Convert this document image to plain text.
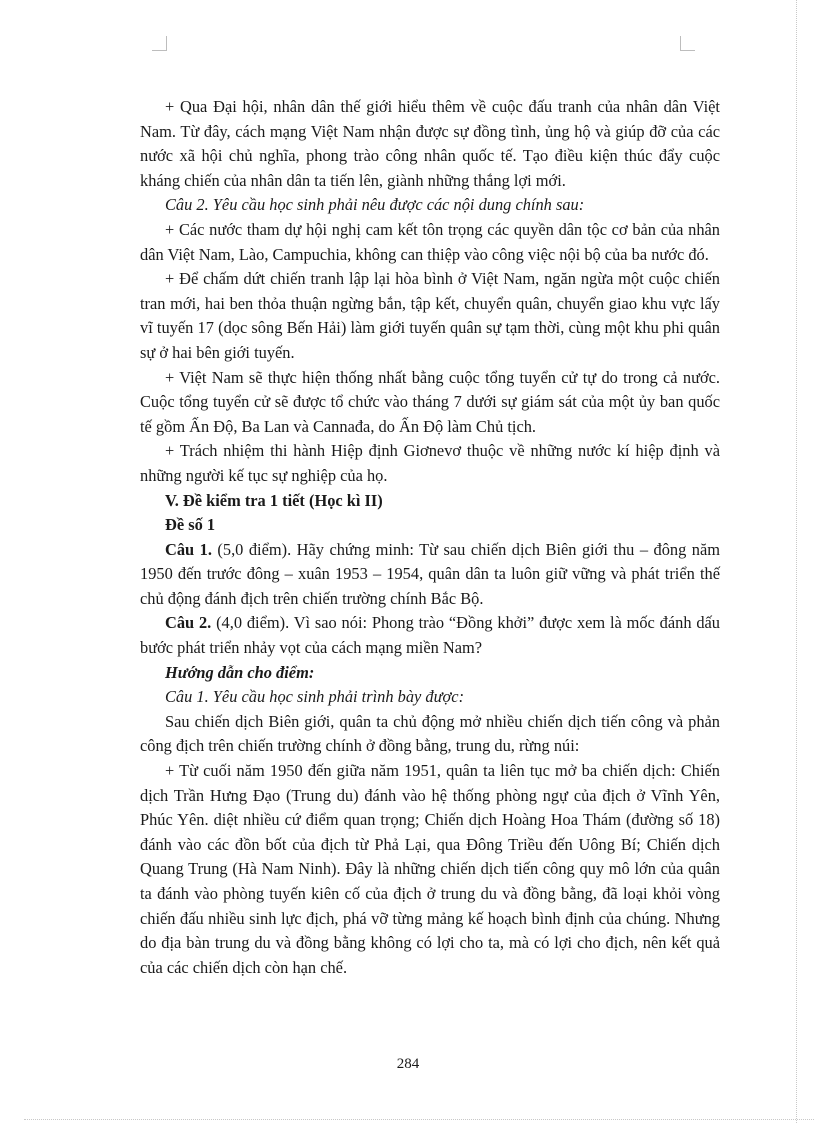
+ Qua Đại hội, nhân dân thế giới hiểu thêm về cuộc đấu tranh của nhân dân Việt Nam. Từ đây, cách mạng Việt Nam nhận được sự đồng tình, ủng hộ và giúp đỡ của các nước xã hội chủ nghĩa, phong trào công nhân quốc tế. Tạo điều kiện thúc đẩy cuộc kháng chiến của nhân dân ta tiến lên, giành những thắng lợi mới.

Câu 2. Yêu cầu học sinh phải nêu được các nội dung chính sau:

+ Các nước tham dự hội nghị cam kết tôn trọng các quyền dân tộc cơ bản của nhân dân Việt Nam, Lào, Campuchia, không can thiệp vào công việc nội bộ của ba nước đó.

+ Để chấm dứt chiến tranh lập lại hòa bình ở Việt Nam, ngăn ngừa một cuộc chiến tran mới, hai ben thỏa thuận ngừng bắn, tập kết, chuyển quân, chuyển giao khu vực lấy vĩ tuyến 17 (dọc sông Bến Hải) làm giới tuyến quân sự tạm thời, cùng một khu phi quân sự ở hai bên giới tuyến.

+ Việt Nam sẽ thực hiện thống nhất bằng cuộc tổng tuyển cử tự do trong cả nước. Cuộc tổng tuyển cử sẽ được tổ chức vào tháng 7 dưới sự giám sát của một ủy ban quốc tế gồm Ấn Độ, Ba Lan và Cannađa, do Ấn Độ làm Chủ tịch.

+ Trách nhiệm thi hành Hiệp định Giơnevơ thuộc về những nước kí hiệp định và những người kế tục sự nghiệp của họ.

V. Đề kiểm tra 1 tiết (Học kì II)

Đề số 1

Câu 1. (5,0 điểm). Hãy chứng minh: Từ sau chiến dịch Biên giới thu – đông năm 1950 đến trước đông – xuân 1953 – 1954, quân dân ta luôn giữ vững và phát triển thế chủ động đánh địch trên chiến trường chính Bắc Bộ.

Câu 2. (4,0 điểm). Vì sao nói: Phong trào “Đồng khởi” được xem là mốc đánh dấu bước phát triển nhảy vọt của cách mạng miền Nam?

Hướng dẫn cho điểm:

Câu 1. Yêu cầu học sinh phải trình bày được:

Sau chiến dịch Biên giới, quân ta chủ động mở nhiều chiến dịch tiến công và phản công địch trên chiến trường chính ở đồng bằng, trung du, rừng núi:

+ Từ cuối năm 1950 đến giữa năm 1951, quân ta liên tục mở ba chiến dịch: Chiến dịch Trần Hưng Đạo (Trung du) đánh vào hệ thống phòng ngự của địch ở Vĩnh Yên, Phúc Yên. diệt nhiều cứ điểm quan trọng; Chiến dịch Hoàng Hoa Thám (đường số 18) đánh vào các đồn bốt của địch từ Phả Lại, qua Đông Triều đến Uông Bí; Chiến dịch Quang Trung (Hà Nam Ninh). Đây là những chiến dịch tiến công quy mô lớn của quân ta đánh vào phòng tuyến kiên cố của địch ở trung du và đồng bằng, đã loại khỏi vòng chiến đấu nhiều sinh lực địch, phá vỡ từng mảng kế hoạch bình định của chúng. Nhưng do địa bàn trung du và đồng bằng không có lợi cho ta, mà có lợi cho địch, nên kết quả của các chiến dịch còn hạn chế.

284
